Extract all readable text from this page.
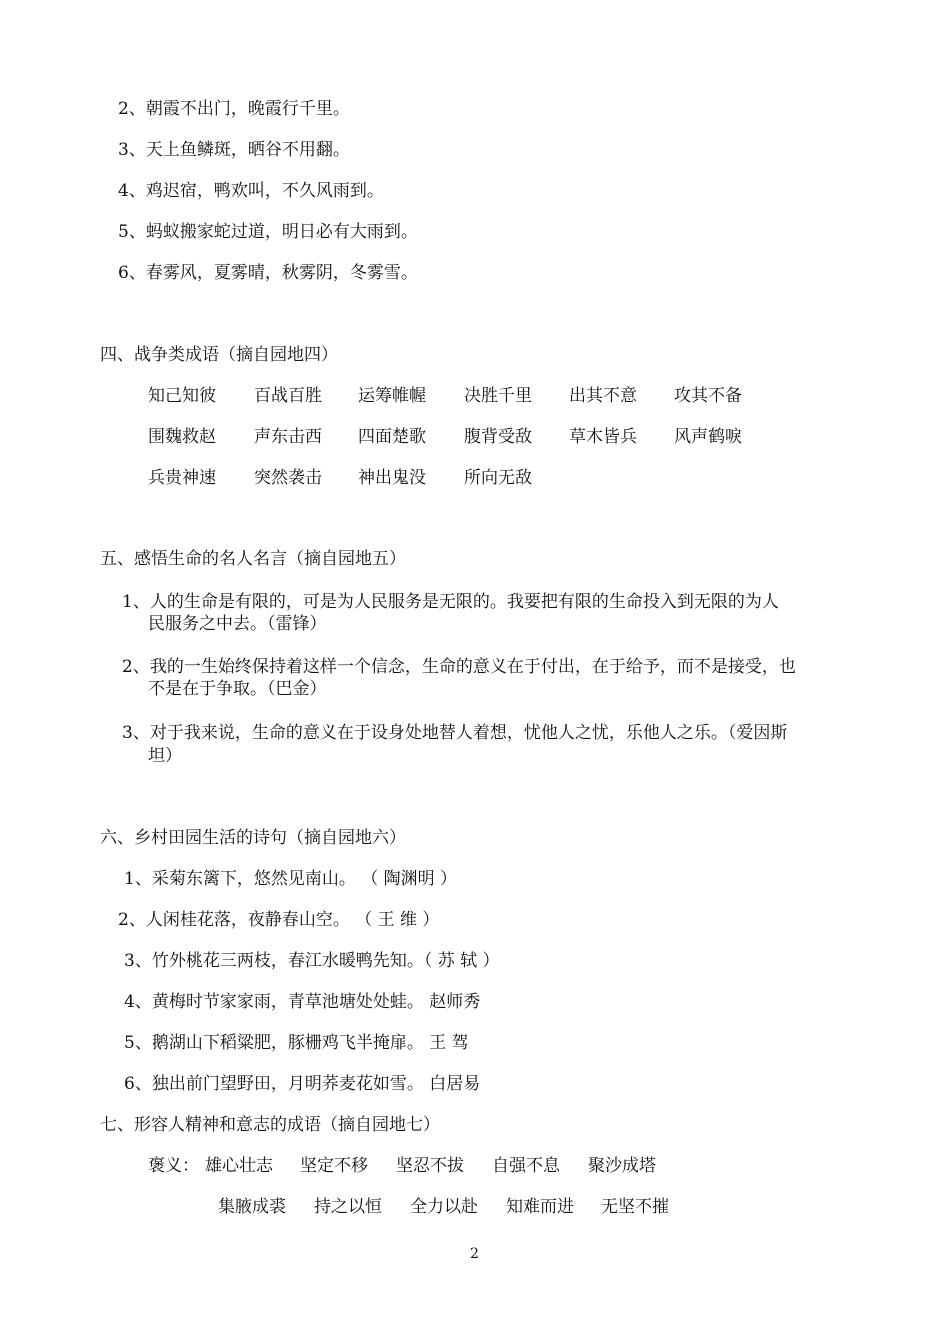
2、朝霞不出门，晚霞行千里。
3、天上鱼鳞斑，晒谷不用翻。
4、鸡迟宿，鸭欢叫，不久风雨到。
5、蚂蚁搬家蛇过道，明日必有大雨到。
6、春雾风，夏雾晴，秋雾阴，冬雾雪。
四、战争类成语（摘自园地四）
知己知彼 百战百胜 运筹帷幄 决胜千里 出其不意 攻其不备
围魏救赵 声东击西 四面楚歌 腹背受敌 草木皆兵 风声鹤唳
兵贵神速 突然袭击 神出鬼没 所向无敌
五、感悟生命的名人名言（摘自园地五）
1、人的生命是有限的，可是为人民服务是无限的。我要把有限的生命投入到无限的为人
民服务之中去。（雷锋）
2、我的一生始终保持着这样一个信念，生命的意义在于付出，在于给予，而不是接受，也
不是在于争取。（巴金）
3、对于我来说，生命的意义在于设身处地替人着想，忧他人之忧，乐他人之乐。（爱因斯
坦）
六、乡村田园生活的诗句（摘自园地六）
1、采菊东篱下，悠然见南山。 （ 陶渊明 ）
2、人闲桂花落，夜静春山空。 （ 王 维 ）
3、竹外桃花三两枝，春江水暖鸭先知。（ 苏 轼 ）
4、黄梅时节家家雨，青草池塘处处蛙。 赵师秀
5、鹅湖山下稻粱肥，豚栅鸡飞半掩扉。 王 驾
6、独出前门望野田，月明荞麦花如雪。 白居易
七、形容人精神和意志的成语（摘自园地七）
褒义： 雄心壮志 坚定不移 坚忍不拔 自强不息 聚沙成塔
集腋成裘 持之以恒 全力以赴 知难而进 无坚不摧
2
